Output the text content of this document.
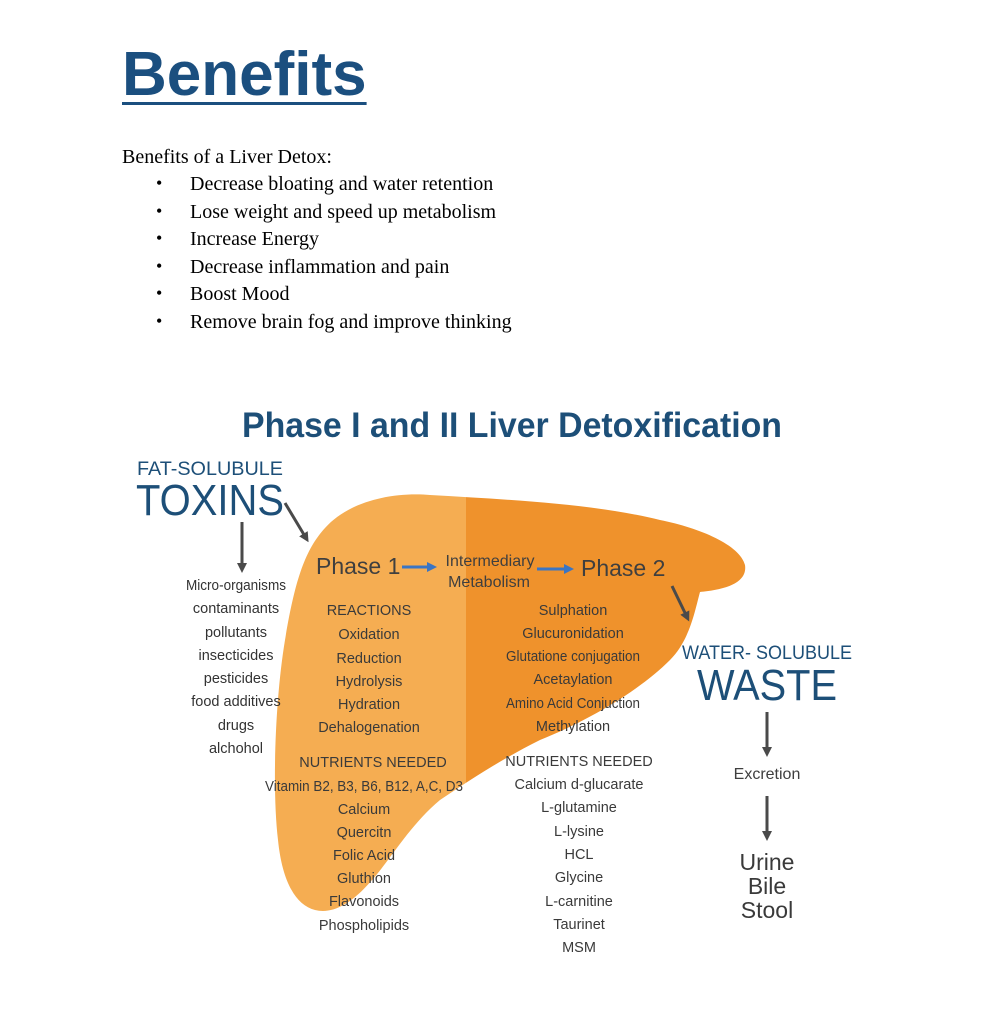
Benefits
Benefits of a Liver Detox:
• Decrease bloating and water retention
• Lose weight and speed up metabolism
• Increase Energy
• Decrease inflammation and pain
• Boost Mood
• Remove brain fog and improve thinking
Phase I and II Liver Detoxification
FAT-SOLUBULE
TOXINS
Micro-organisms
contaminants
pollutants
insecticides
pesticides
food additives
drugs
alchohol
Phase 1	Intermediary
Metabolism
Phase 2
REACTIONS
Oxidation
Reduction
Hydrolysis
Hydration
Dehalogenation
NUTRIENTS NEEDED
Vitamin B2, B3, B6, B12, A,C, D3
Calcium
Quercitn
Folic Acid
Gluthion
Flavonoids
Phospholipids
Sulphation
Glucuronidation
Glutatione conjugation
Acetaylation
Amino Acid Conjuction
Methylation
NUTRIENTS NEEDED
Calcium d-glucarate
L-glutamine
L-lysine
HCL
Glycine
L-carnitine
Taurinet
MSM
WATER- SOLUBULE
WASTE
Excretion
Urine
Bile
Stool
